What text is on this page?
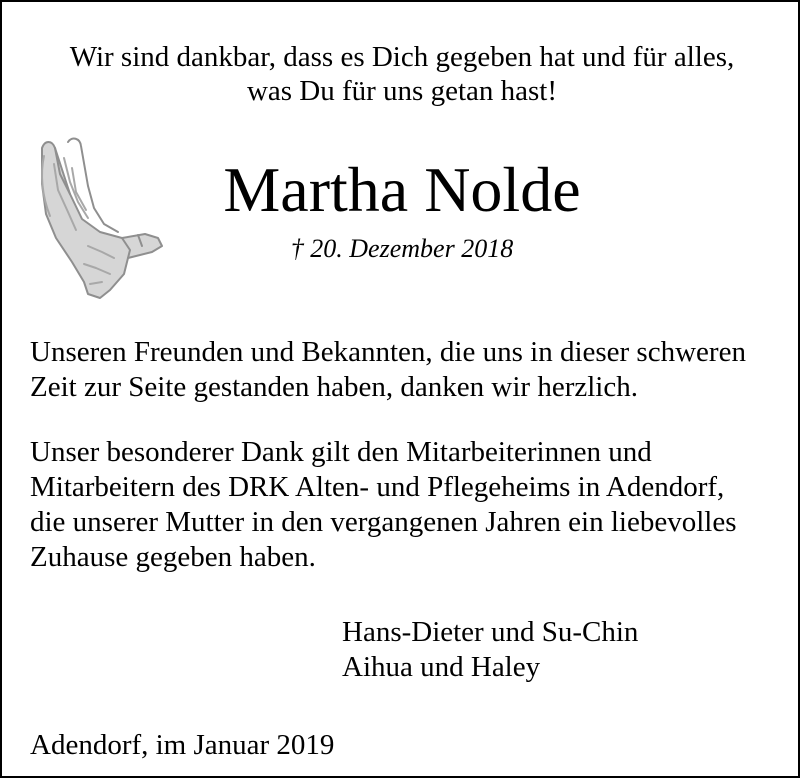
Wir sind dankbar, dass es Dich gegeben hat und für alles,
was Du für uns getan hast!
Martha Nolde
† 20. Dezember 2018
Unseren Freunden und Bekannten, die uns in dieser schweren
Zeit zur Seite gestanden haben, danken wir herzlich.
Unser besonderer Dank gilt den Mitarbeiterinnen und
Mitarbeitern des DRK Alten- und Pflegeheims in Adendorf,
die unserer Mutter in den vergangenen Jahren ein liebevolles
Zuhause gegeben haben.
Hans-Dieter und Su-Chin
Aihua und Haley
Adendorf, im Januar 2019
